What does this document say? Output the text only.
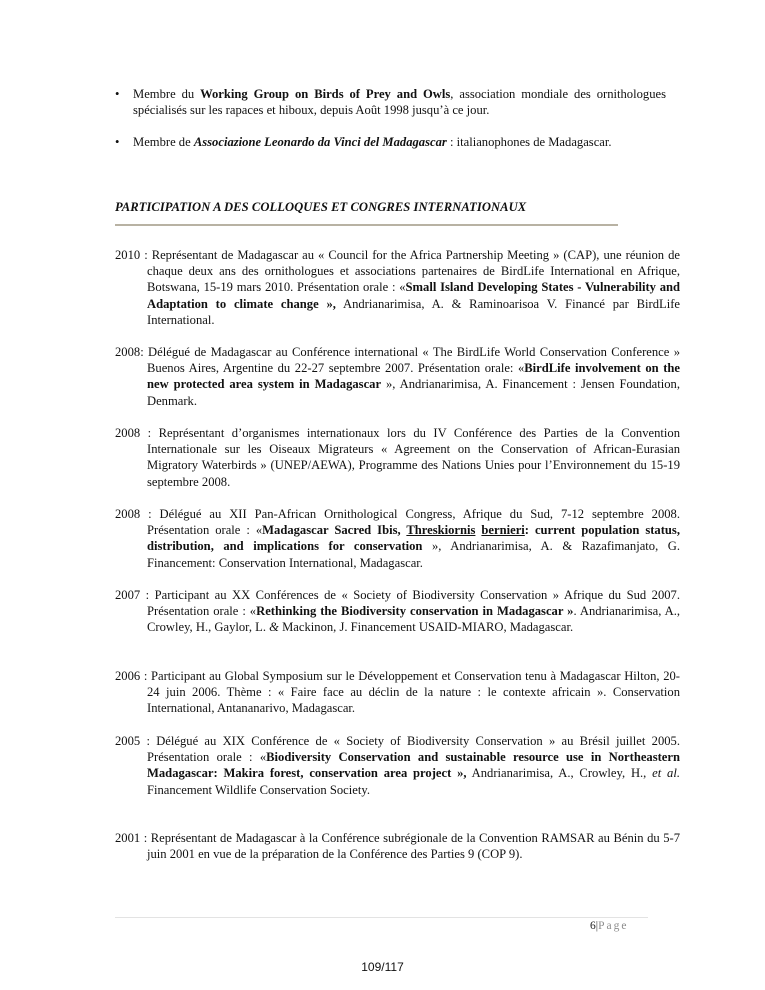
• Membre du Working Group on Birds of Prey and Owls, association mondiale des ornithologues spécialisés sur les rapaces et hiboux, depuis Août 1998 jusqu’à ce jour.
• Membre de Associazione Leonardo da Vinci del Madagascar : italianophones de Madagascar.
PARTICIPATION A DES COLLOQUES ET CONGRES INTERNATIONAUX
2010 : Représentant de Madagascar au « Council for the Africa Partnership Meeting » (CAP), une réunion de chaque deux ans des ornithologues et associations partenaires de BirdLife International en Afrique, Botswana, 15-19 mars 2010. Présentation orale : «Small Island Developing States - Vulnerability and Adaptation to climate change », Andrianarimisa, A. & Raminoarisoa V. Financé par BirdLife International.
2008: Délégué de Madagascar au Conférence international « The BirdLife World Conservation Conference » Buenos Aires, Argentine du 22-27 septembre 2007. Présentation orale: «BirdLife involvement on the new protected area system in Madagascar », Andrianarimisa, A. Financement : Jensen Foundation, Denmark.
2008 : Représentant d’organismes internationaux lors du IV Conférence des Parties de la Convention Internationale sur les Oiseaux Migrateurs « Agreement on the Conservation of African-Eurasian Migratory Waterbirds » (UNEP/AEWA), Programme des Nations Unies pour l’Environnement du 15-19 septembre 2008.
2008 : Délégué au XII Pan-African Ornithological Congress, Afrique du Sud, 7-12 septembre 2008. Présentation orale : «Madagascar Sacred Ibis, Threskiornis bernieri: current population status, distribution, and implications for conservation », Andrianarimisa, A. & Razafimanjato, G. Financement: Conservation International, Madagascar.
2007 : Participant au XX Conférences de « Society of Biodiversity Conservation » Afrique du Sud 2007. Présentation orale : «Rethinking the Biodiversity conservation in Madagascar ». Andrianarimisa, A., Crowley, H., Gaylor, L. & Mackinon, J. Financement USAID-MIARO, Madagascar.
2006 : Participant au Global Symposium sur le Développement et Conservation tenu à Madagascar Hilton, 20-24 juin 2006. Thème : « Faire face au déclin de la nature : le contexte africain ». Conservation International, Antananarivo, Madagascar.
2005 : Délégué au XIX Conférence de « Society of Biodiversity Conservation » au Brésil juillet 2005. Présentation orale : «Biodiversity Conservation and sustainable resource use in Northeastern Madagascar: Makira forest, conservation area project », Andrianarimisa, A., Crowley, H., et al. Financement Wildlife Conservation Society.
2001 : Représentant de Madagascar à la Conférence subrégionale de la Convention RAMSAR au Bénin du 5-7 juin 2001 en vue de la préparation de la Conférence des Parties 9 (COP 9).
6|Page
109/117
